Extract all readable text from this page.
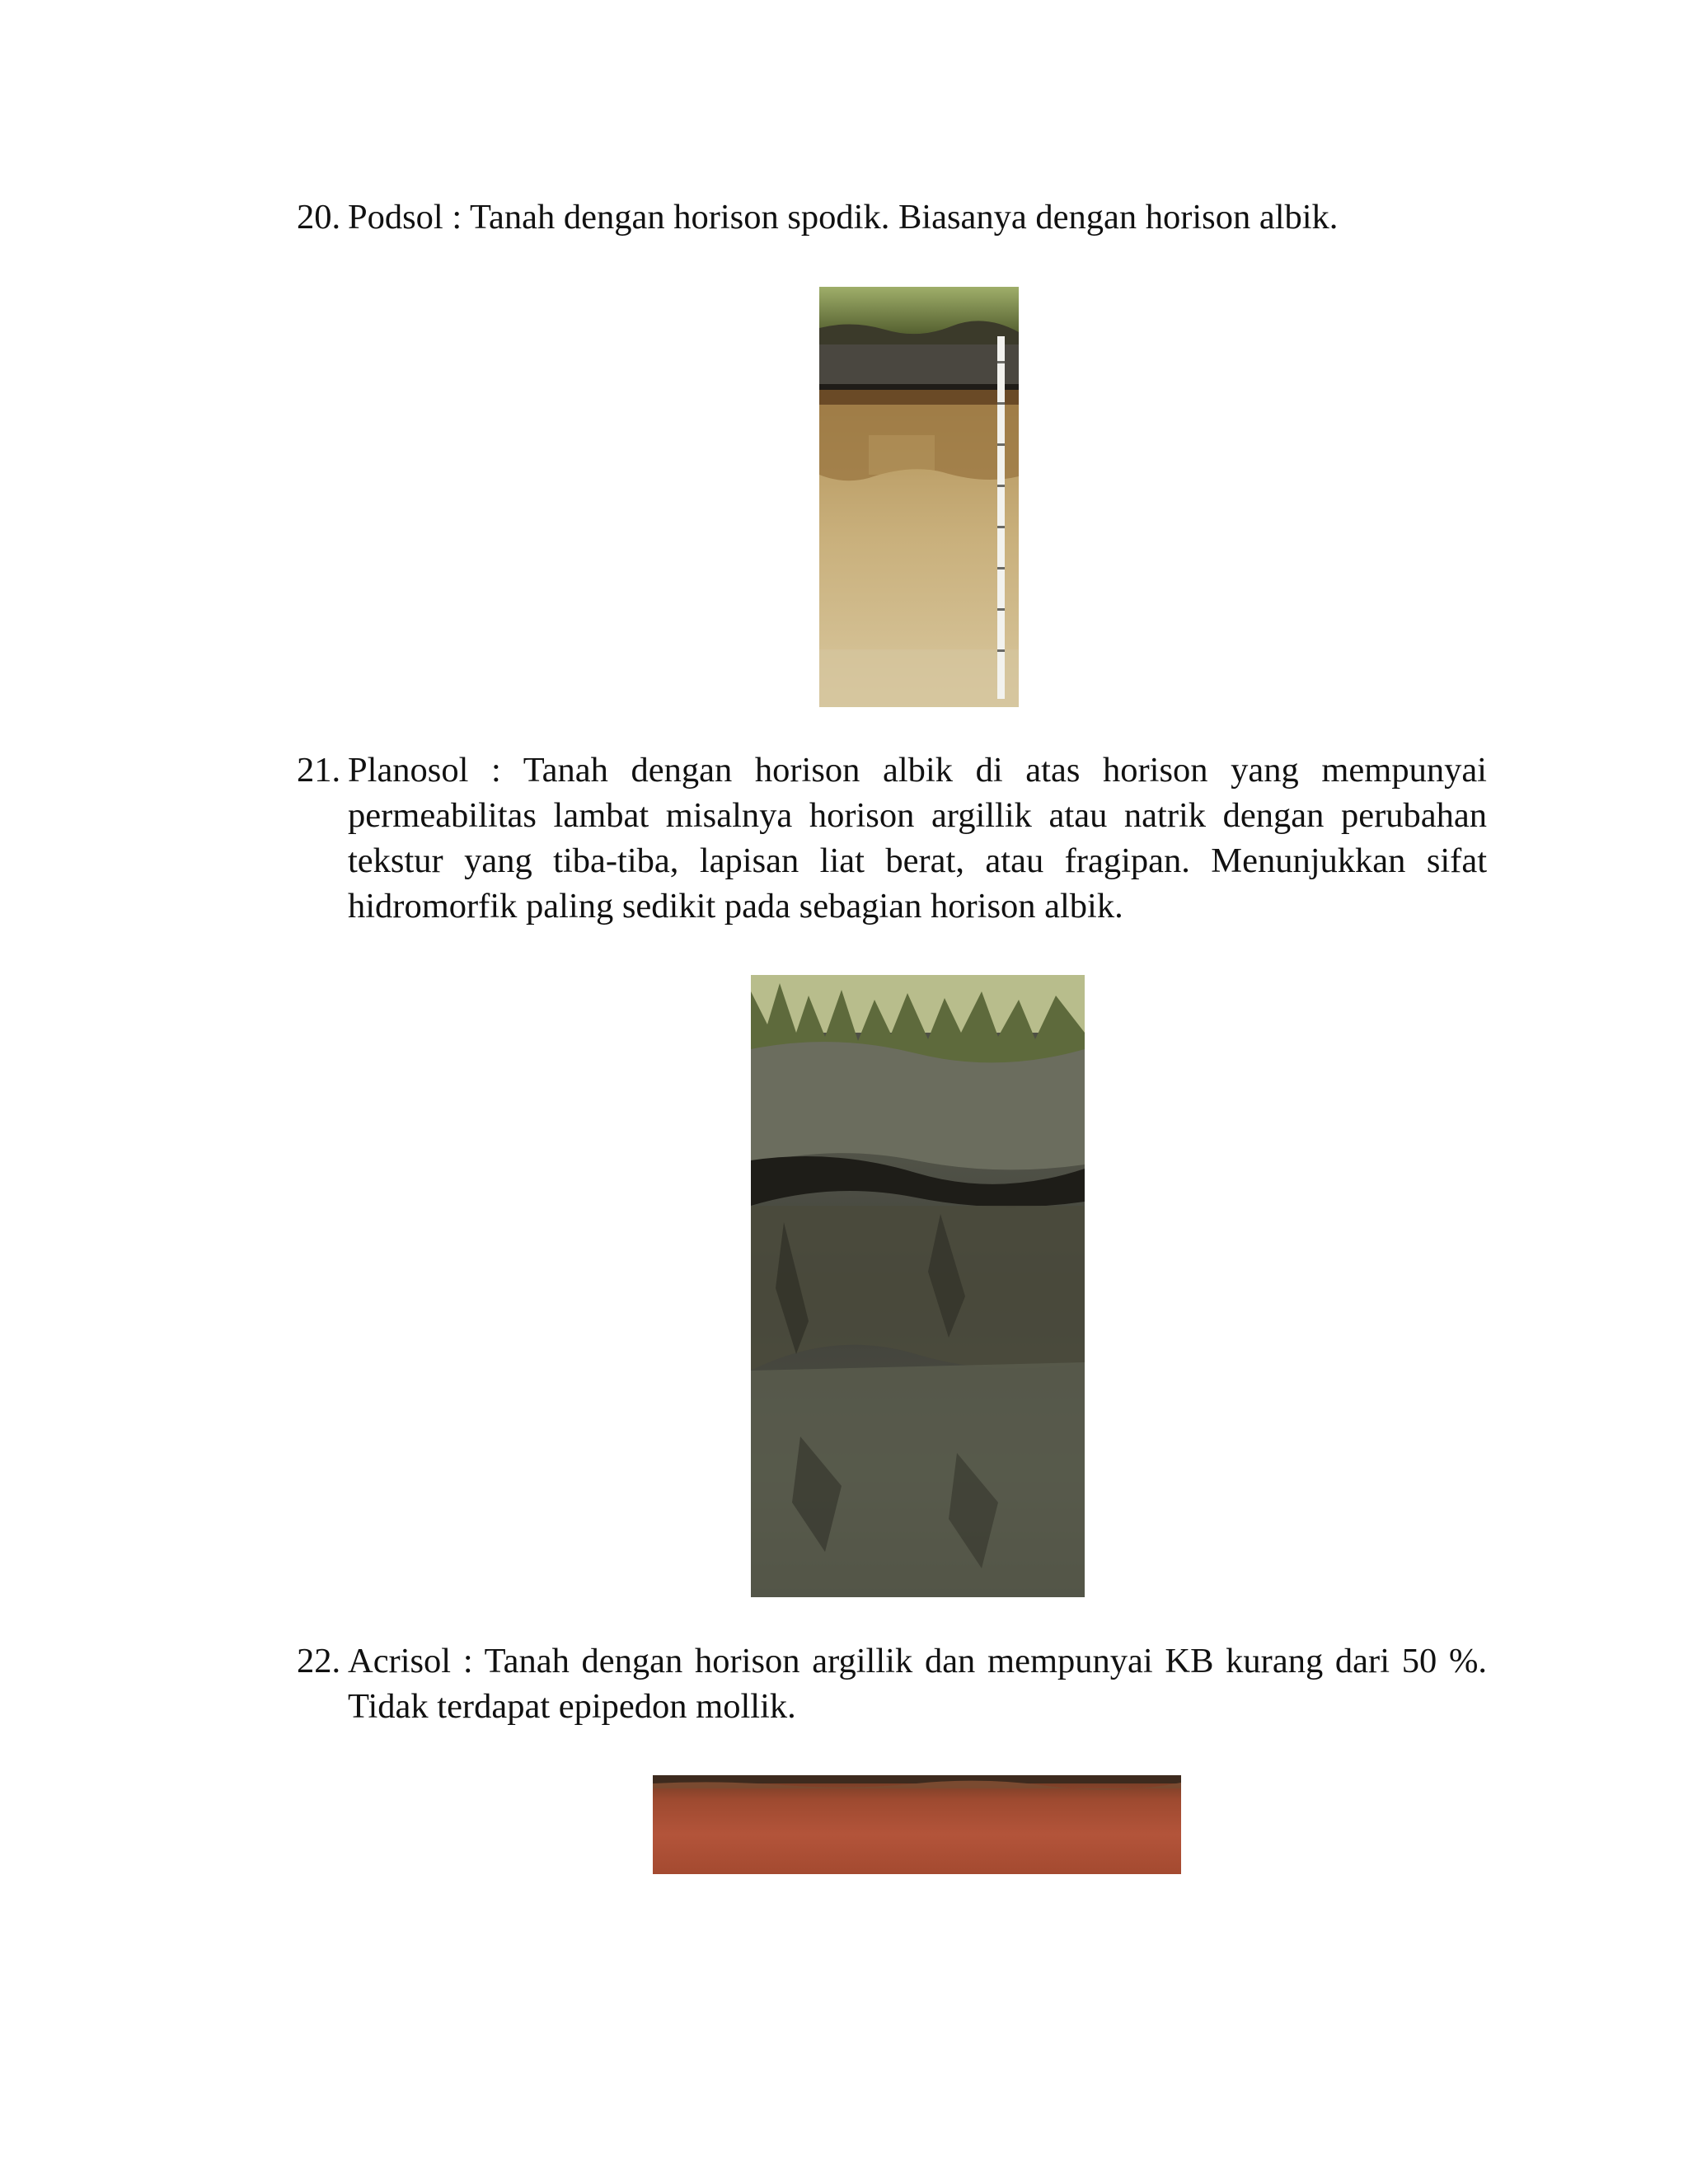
20. Podsol : Tanah dengan horison spodik. Biasanya dengan horison albik.
21. Planosol : Tanah dengan horison albik di atas horison yang mempunyai permeabilitas lambat misalnya horison argillik atau natrik dengan perubahan tekstur yang tiba-tiba, lapisan liat berat, atau fragipan. Menunjukkan sifat hidromorfik paling sedikit pada sebagian horison albik.
22. Acrisol : Tanah dengan horison argillik dan mempunyai KB kurang dari 50 %. Tidak terdapat epipedon mollik.
